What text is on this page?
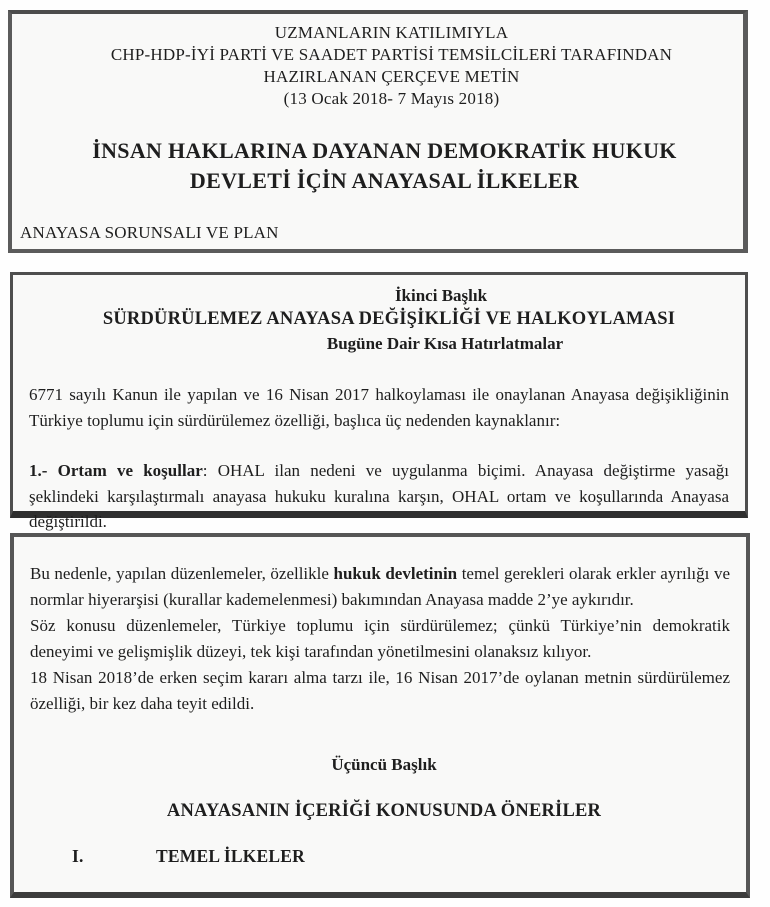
UZMANLARIN KATILIMIYLA
CHP-HDP-İYİ PARTİ VE SAADET PARTİSİ TEMSİLCİLERİ TARAFINDAN
HAZIRLANAN ÇERÇEVE METİN
(13 Ocak 2018- 7 Mayıs 2018)
İNSAN HAKLARINA DAYANAN DEMOKRATİK HUKUK DEVLETİ İÇİN ANAYASAL İLKELER
ANAYASA SORUNSALI VE PLAN
İkinci Başlık
SÜRDÜRÜLEMEZ ANAYASA DEĞİŞİKLİĞİ VE HALKOYLAMASI
Bugüne Dair Kısa Hatırlatmalar

6771 sayılı Kanun ile yapılan ve 16 Nisan 2017 halkoylaması ile onaylanan Anayasa değişikliğinin Türkiye toplumu için sürdürülemez özelliği, başlıca üç nedenden kaynaklanır:

1.- Ortam ve koşullar: OHAL ilan nedeni ve uygulanma biçimi. Anayasa değiştirme yasağı şeklindeki karşılaştırmalı anayasa hukuku kuralına karşın, OHAL ortam ve koşullarında Anayasa değiştirildi.

Bu nedenle, yapılan düzenlemeler, özellikle hukuk devletinin temel gerekleri olarak erkler ayrılığı ve normlar hiyerarşisi (kurallar kademelenmesi) bakımından Anayasa madde 2’ye aykırıdır.

Söz konusu düzenlemeler, Türkiye toplumu için sürdürülemez; çünkü Türkiye’nin demokratik deneyimi ve gelişmişlik düzeyi, tek kişi tarafından yönetilmesini olanaksız kılıyor.

18 Nisan 2018’de erken seçim kararı alma tarzı ile, 16 Nisan 2017’de oylanan metnin sürdürülemez özelliği, bir kez daha teyit edildi.

Üçüncü Başlık
ANAYASANIN İÇERİĞİ KONUSUNDA ÖNERİLER
I.	TEMEL İLKELER
